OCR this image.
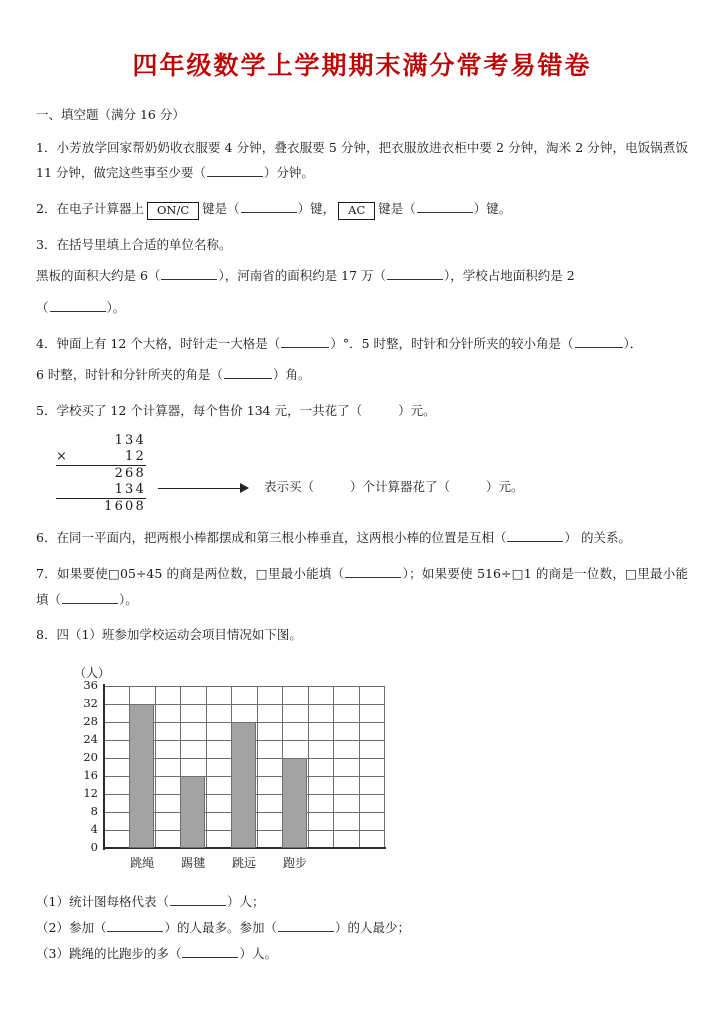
四年级数学上学期期末满分常考易错卷
一、填空题（满分 16 分）
1．小芳放学回家帮奶奶收衣服要 4 分钟，叠衣服要 5 分钟，把衣服放进衣柜中要 2 分钟，淘米 2 分钟，电饭锅煮饭 11 分钟，做完这些事至少要（	）分钟。
2．在电子计算器上 ON/C 键是（	）键， AC 键是（	）键。
3．在括号里填上合适的单位名称。
黑板的面积大约是 6（	），河南省的面积约是 17 万（	），学校占地面积约是 2
（	）。
4．钟面上有 12 个大格，时针走一大格是（	）°．5 时整，时针和分针所夹的较小角是（	）．
6 时整，时针和分针所夹的角是（	）角。
5．学校买了 12 个计算器，每个售价 134 元，一共花了（	）元。
134
×	12
268
134
1608
表示买（	）个计算器花了（	）元。
6．在同一平面内，把两根小棒都摆成和第三根小棒垂直，这两根小棒的位置是互相（	） 的关系。
7．如果要使□05÷45 的商是两位数，□里最小能填（	）；如果要使 516÷□1 的商是一位数，□里最小能填（	）。
8．四（1）班参加学校运动会项目情况如下图。
（人）
36
32
28
24
20
16
12
8
4
0
跳绳	踢毽	跳远	跑步
（1）统计图每格代表（	）人；
（2）参加（	）的人最多。参加（	）的人最少；
（3）跳绳的比跑步的多（	）人。
